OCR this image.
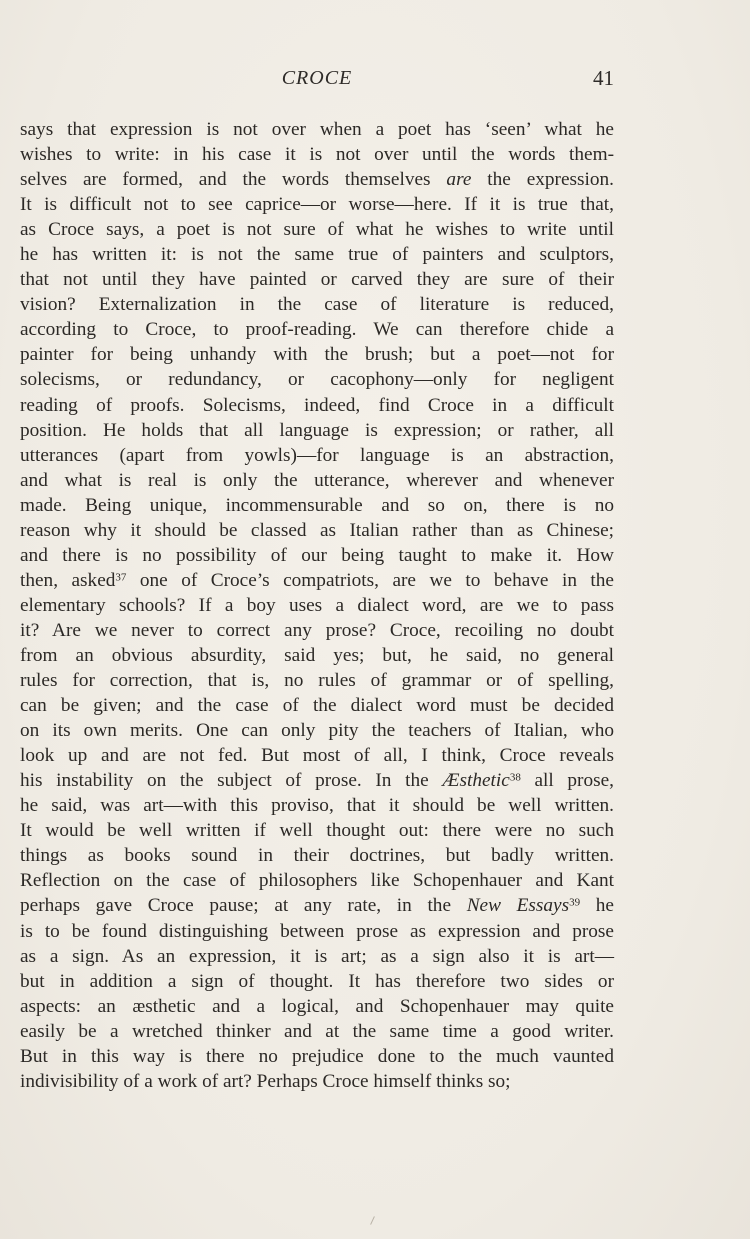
CROCE	41
says that expression is not over when a poet has ‘seen’ what he
wishes to write: in his case it is not over until the words them-
selves are formed, and the words themselves are the expression.
It is difficult not to see caprice—or worse—here. If it is true that,
as Croce says, a poet is not sure of what he wishes to write until
he has written it: is not the same true of painters and sculptors,
that not until they have painted or carved they are sure of their
vision? Externalization in the case of literature is reduced,
according to Croce, to proof-reading. We can therefore chide a
painter for being unhandy with the brush; but a poet—not for
solecisms, or redundancy, or cacophony—only for negligent
reading of proofs. Solecisms, indeed, find Croce in a difficult
position. He holds that all language is expression; or rather, all
utterances (apart from yowls)—for language is an abstraction,
and what is real is only the utterance, wherever and whenever
made. Being unique, incommensurable and so on, there is no
reason why it should be classed as Italian rather than as Chinese;
and there is no possibility of our being taught to make it. How
then, asked$^{37}$ one of Croce’s compatriots, are we to behave in the
elementary schools? If a boy uses a dialect word, are we to pass
it? Are we never to correct any prose? Croce, recoiling no doubt
from an obvious absurdity, said yes; but, he said, no general
rules for correction, that is, no rules of grammar or of spelling,
can be given; and the case of the dialect word must be decided
on its own merits. One can only pity the teachers of Italian, who
look up and are not fed. But most of all, I think, Croce reveals
his instability on the subject of prose. In the Æsthetic$^{38}$ all prose,
he said, was art—with this proviso, that it should be well written.
It would be well written if well thought out: there were no such
things as books sound in their doctrines, but badly written.
Reflection on the case of philosophers like Schopenhauer and Kant
perhaps gave Croce pause; at any rate, in the New Essays$^{39}$ he
is to be found distinguishing between prose as expression and prose
as a sign. As an expression, it is art; as a sign also it is art—
but in addition a sign of thought. It has therefore two sides or
aspects: an æsthetic and a logical, and Schopenhauer may quite
easily be a wretched thinker and at the same time a good writer.
But in this way is there no prejudice done to the much vaunted
indivisibility of a work of art? Perhaps Croce himself thinks so;
